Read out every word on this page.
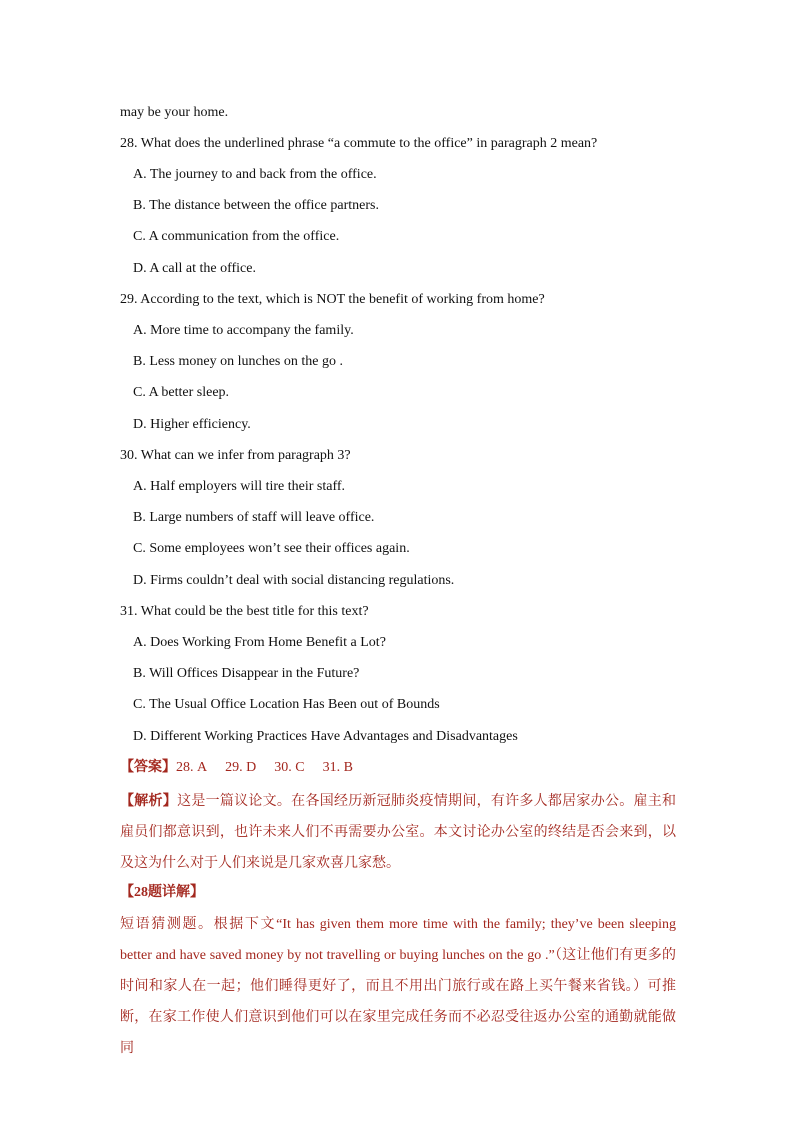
may be your home.
28. What does the underlined phrase “a commute to the office” in paragraph 2 mean?
A. The journey to and back from the office.
B. The distance between the office partners.
C. A communication from the office.
D. A call at the office.
29. According to the text, which is NOT the benefit of working from home?
A. More time to accompany the family.
B. Less money on lunches on the go .
C. A better sleep.
D. Higher efficiency.
30. What can we infer from paragraph 3?
A. Half employers will tire their staff.
B. Large numbers of staff will leave office.
C. Some employees won’t see their offices again.
D. Firms couldn’t deal with social distancing regulations.
31. What could be the best title for this text?
A. Does Working From Home Benefit a Lot?
B. Will Offices Disappear in the Future?
C. The Usual Office Location Has Been out of Bounds
D. Different Working Practices Have Advantages and Disadvantages
【答案】28. A 29. D 30. C 31. B
【解析】这是一篇议论文。在各国经历新冠肺炎疫情期间，有许多人都居家办公。雇主和雇员们都意识到，也许未来人们不再需要办公室。本文讨论办公室的终结是否会来到，以及这为什么对于人们来说是几家欢喜几家愁。
【28题详解】
短语猜测题。根据下文“It has given them more time with the family; they’ve been sleeping better and have saved money by not travelling or buying lunches on the go .”（这让他们有更多的时间和家人在一起；他们睡得更好了，而且不用出门旅行或在路上买午餐来省钱。）可推断，在家工作使人们意识到他们可以在家里完成任务而不必忍受往返办公室的通勤就能做同
